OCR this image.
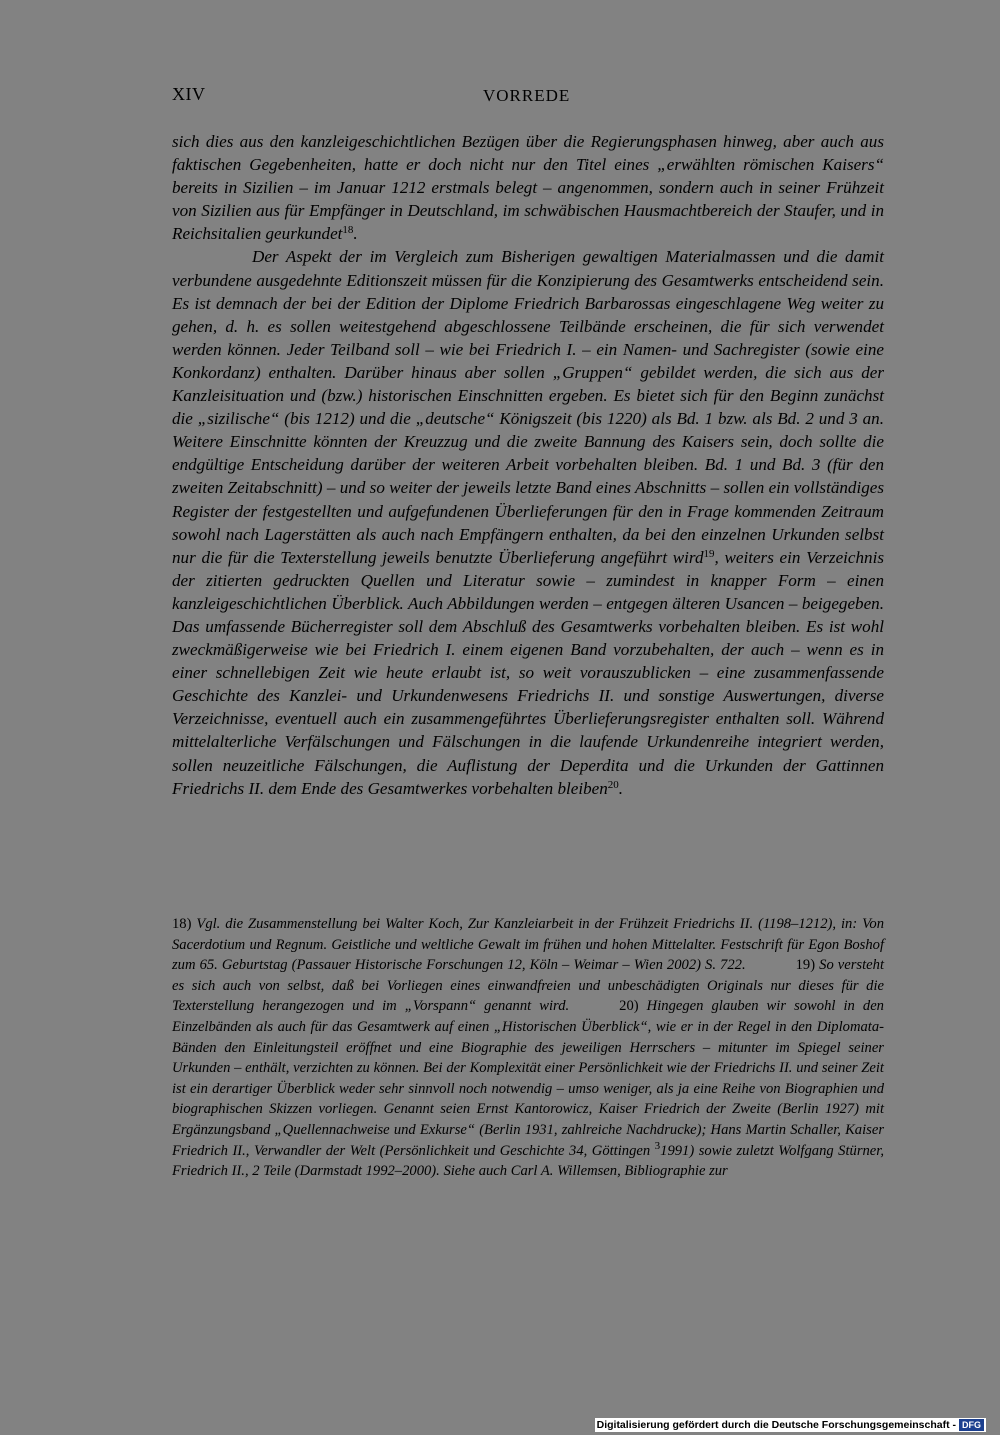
XIV	VORREDE

sich dies aus den kanzleigeschichtlichen Bezügen über die Regierungsphasen hinweg, aber auch aus faktischen Gegebenheiten, hatte er doch nicht nur den Titel eines „erwählten römischen Kaisers“ bereits in Sizilien – im Januar 1212 erstmals belegt – angenommen, sondern auch in seiner Frühzeit von Sizilien aus für Empfänger in Deutschland, im schwäbischen Hausmachtbereich der Staufer, und in Reichsitalien geurkundet$^{18}$.

Der Aspekt der im Vergleich zum Bisherigen gewaltigen Materialmassen und die damit verbundene ausgedehnte Editionszeit müssen für die Konzipierung des Gesamtwerks entscheidend sein. Es ist demnach der bei der Edition der Diplome Friedrich Barbarossas eingeschlagene Weg weiter zu gehen, d. h. es sollen weitestgehend abgeschlossene Teilbände erscheinen, die für sich verwendet werden können. Jeder Teilband soll – wie bei Friedrich I. – ein Namen- und Sachregister (sowie eine Konkordanz) enthalten. Darüber hinaus aber sollen „Gruppen“ gebildet werden, die sich aus der Kanzleisituation und (bzw.) historischen Einschnitten ergeben. Es bietet sich für den Beginn zunächst die „sizilische“ (bis 1212) und die „deutsche“ Königszeit (bis 1220) als Bd. 1 bzw. als Bd. 2 und 3 an. Weitere Einschnitte könnten der Kreuzzug und die zweite Bannung des Kaisers sein, doch sollte die endgültige Entscheidung darüber der weiteren Arbeit vorbehalten bleiben. Bd. 1 und Bd. 3 (für den zweiten Zeitabschnitt) – und so weiter der jeweils letzte Band eines Abschnitts – sollen ein vollständiges Register der festgestellten und aufgefundenen Überlieferungen für den in Frage kommenden Zeitraum sowohl nach Lagerstätten als auch nach Empfängern enthalten, da bei den einzelnen Urkunden selbst nur die für die Texterstellung jeweils benutzte Überlieferung angeführt wird$^{19}$, weiters ein Verzeichnis der zitierten gedruckten Quellen und Literatur sowie – zumindest in knapper Form – einen kanzleigeschichtlichen Überblick. Auch Abbildungen werden – entgegen älteren Usancen – beigegeben. Das umfassende Bücherregister soll dem Abschluß des Gesamtwerks vorbehalten bleiben. Es ist wohl zweckmäßigerweise wie bei Friedrich I. einem eigenen Band vorzubehalten, der auch – wenn es in einer schnellebigen Zeit wie heute erlaubt ist, so weit vorauszublicken – eine zusammenfassende Geschichte des Kanzlei- und Urkundenwesens Friedrichs II. und sonstige Auswertungen, diverse Verzeichnisse, eventuell auch ein zusammengeführtes Überlieferungsregister enthalten soll. Während mittelalterliche Verfälschungen und Fälschungen in die laufende Urkundenreihe integriert werden, sollen neuzeitliche Fälschungen, die Auflistung der Deperdita und die Urkunden der Gattinnen Friedrichs II. dem Ende des Gesamtwerkes vorbehalten bleiben$^{20}$.

18) Vgl. die Zusammenstellung bei Walter Koch, Zur Kanzleiarbeit in der Frühzeit Friedrichs II. (1198–1212), in: Von Sacerdotium und Regnum. Geistliche und weltliche Gewalt im frühen und hohen Mittelalter. Festschrift für Egon Boshof zum 65. Geburtstag (Passauer Historische Forschungen 12, Köln – Weimar – Wien 2002) S. 722.	19) So versteht es sich auch von selbst, daß bei Vorliegen eines einwandfreien und unbeschädigten Originals nur dieses für die Texterstellung herangezogen und im „Vorspann“ genannt wird.	20) Hingegen glauben wir sowohl in den Einzelbänden als auch für das Gesamtwerk auf einen „Historischen Überblick“, wie er in der Regel in den Diplomata-Bänden den Einleitungsteil eröffnet und eine Biographie des jeweiligen Herrschers – mitunter im Spiegel seiner Urkunden – enthält, verzichten zu können. Bei der Komplexität einer Persönlichkeit wie der Friedrichs II. und seiner Zeit ist ein derartiger Überblick weder sehr sinnvoll noch notwendig – umso weniger, als ja eine Reihe von Biographien und biographischen Skizzen vorliegen. Genannt seien Ernst Kantorowicz, Kaiser Friedrich der Zweite (Berlin 1927) mit Ergänzungsband „Quellennachweise und Exkurse“ (Berlin 1931, zahlreiche Nachdrucke); Hans Martin Schaller, Kaiser Friedrich II., Verwandler der Welt (Persönlichkeit und Geschichte 34, Göttingen $^3$1991) sowie zuletzt Wolfgang Stürner, Friedrich II., 2 Teile (Darmstadt 1992–2000). Siehe auch Carl A. Willemsen, Bibliographie zur
Digitalisierung gefördert durch die Deutsche Forschungsgemeinschaft - DFG
